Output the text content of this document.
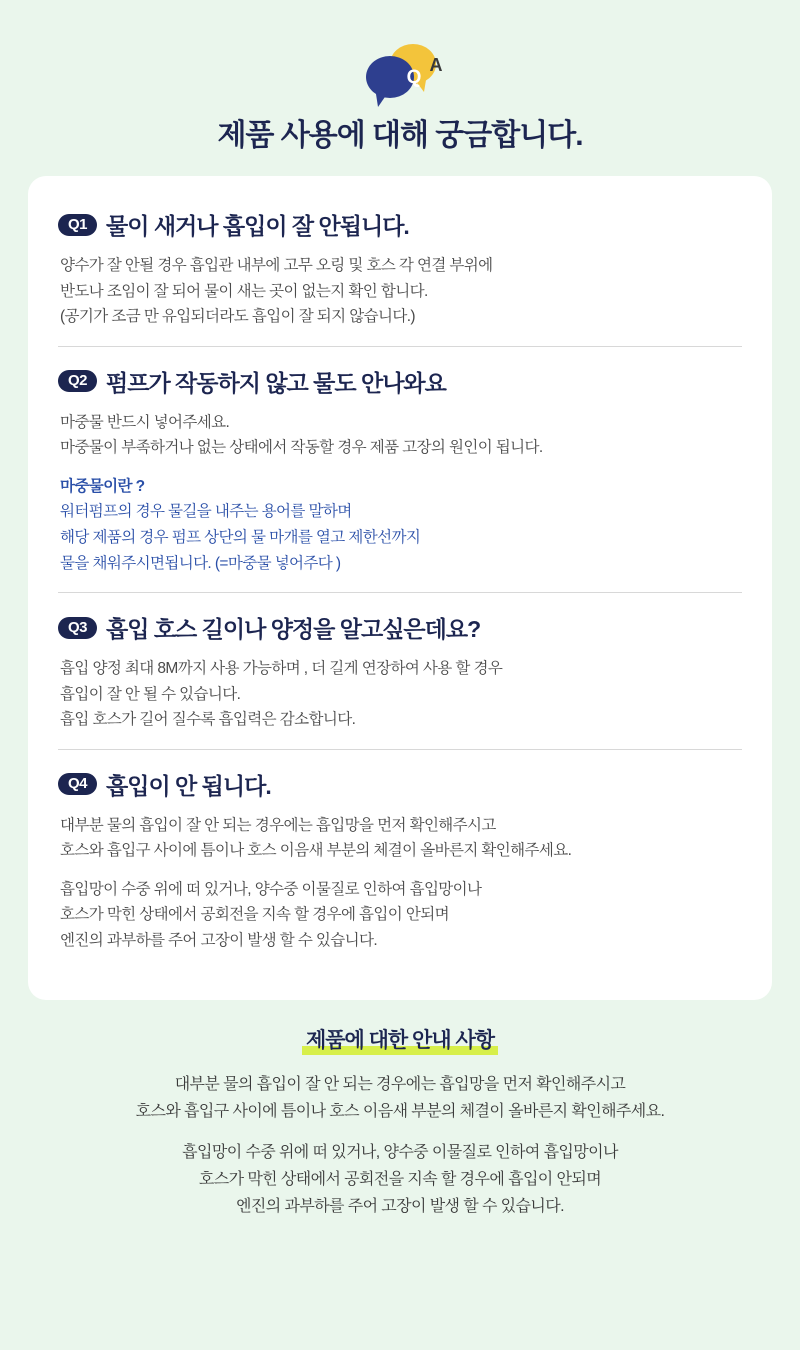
A
Q
제품 사용에 대해 궁금합니다.
Q1 물이 새거나 흡입이 잘 안됩니다.

양수가 잘 안될 경우 흡입관 내부에 고무 오링 및 호스 각 연결 부위에

반도나 조임이 잘 되어 물이 새는 곳이 없는지 확인 합니다.

(공기가 조금 만 유입되더라도 흡입이 잘 되지 않습니다.)

Q2 펌프가 작동하지 않고 물도 안나와요

마중물 반드시 넣어주세요.

마중물이 부족하거나 없는 상태에서 작동할 경우 제품 고장의 원인이 됩니다.

마중물이란 ?

워터펌프의 경우 물길을 내주는 용어를 말하며

해당 제품의 경우 펌프 상단의 물 마개를 열고 제한선까지

물을 채워주시면됩니다. (=마중물 넣어주다 )

Q3 흡입 호스 길이나 양정을 알고싶은데요?

흡입 양정 최대 8M까지 사용 가능하며 , 더 길게 연장하여 사용 할 경우

흡입이 잘 안 될 수 있습니다.

흡입 호스가 길어 질수록 흡입력은 감소합니다.

Q4 흡입이 안 됩니다.

대부분 물의 흡입이 잘 안 되는 경우에는 흡입망을 먼저 확인해주시고

호스와 흡입구 사이에 틈이나 호스 이음새 부분의 체결이 올바른지 확인해주세요.

흡입망이 수중 위에 떠 있거나, 양수중 이물질로 인하여 흡입망이나

호스가 막힌 상태에서 공회전을 지속 할 경우에 흡입이 안되며

엔진의 과부하를 주어 고장이 발생 할 수 있습니다.

제품에 대한 안내 사항

대부분 물의 흡입이 잘 안 되는 경우에는 흡입망을 먼저 확인해주시고

호스와 흡입구 사이에 틈이나 호스 이음새 부분의 체결이 올바른지 확인해주세요.

흡입망이 수중 위에 떠 있거나, 양수중 이물질로 인하여 흡입망이나

호스가 막힌 상태에서 공회전을 지속 할 경우에 흡입이 안되며

엔진의 과부하를 주어 고장이 발생 할 수 있습니다.
